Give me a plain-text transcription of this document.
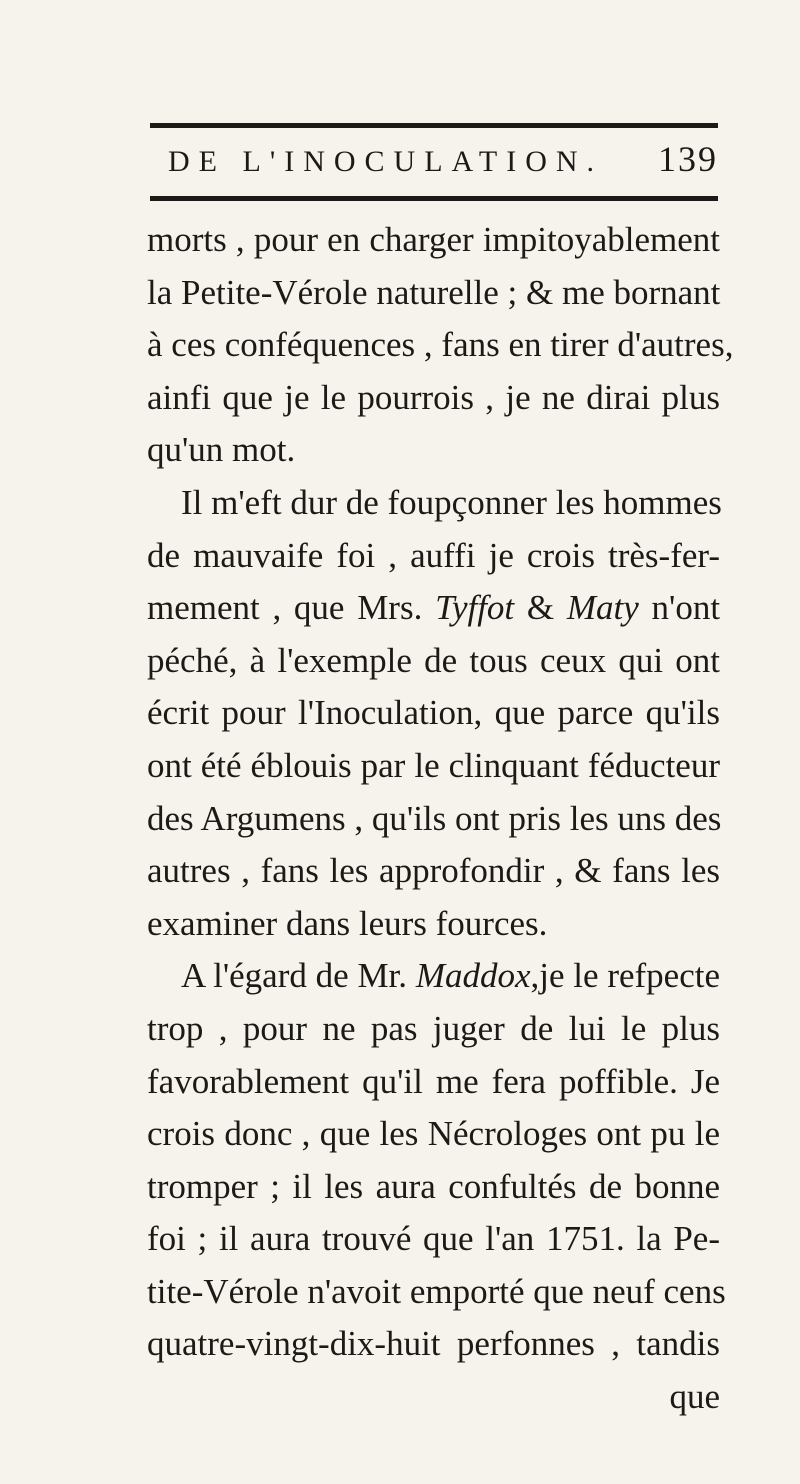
DE L'INOCULATION. 139
morts , pour en charger impitoyablement
la Petite-Vérole naturelle ; & me bornant
à ces conféquences , fans en tirer d'autres,
ainfi que je le pourrois , je ne dirai plus
qu'un mot.
Il m'eft dur de foupçonner les hommes
de mauvaife foi , auffi je crois très-fer-
mement , que Mrs. Tyffot & Maty n'ont
péché, à l'exemple de tous ceux qui ont
écrit pour l'Inoculation, que parce qu'ils
ont été éblouis par le clinquant féducteur
des Argumens , qu'ils ont pris les uns des
autres , fans les approfondir , & fans les
examiner dans leurs fources.
A l'égard de Mr. Maddox,je le refpecte
trop , pour ne pas juger de lui le plus
favorablement qu'il me fera poffible. Je
crois donc , que les Nécrologes ont pu le
tromper ; il les aura confultés de bonne
foi ; il aura trouvé que l'an 1751. la Pe-
tite-Vérole n'avoit emporté que neuf cens
quatre-vingt-dix-huit perfonnes , tandis
que
